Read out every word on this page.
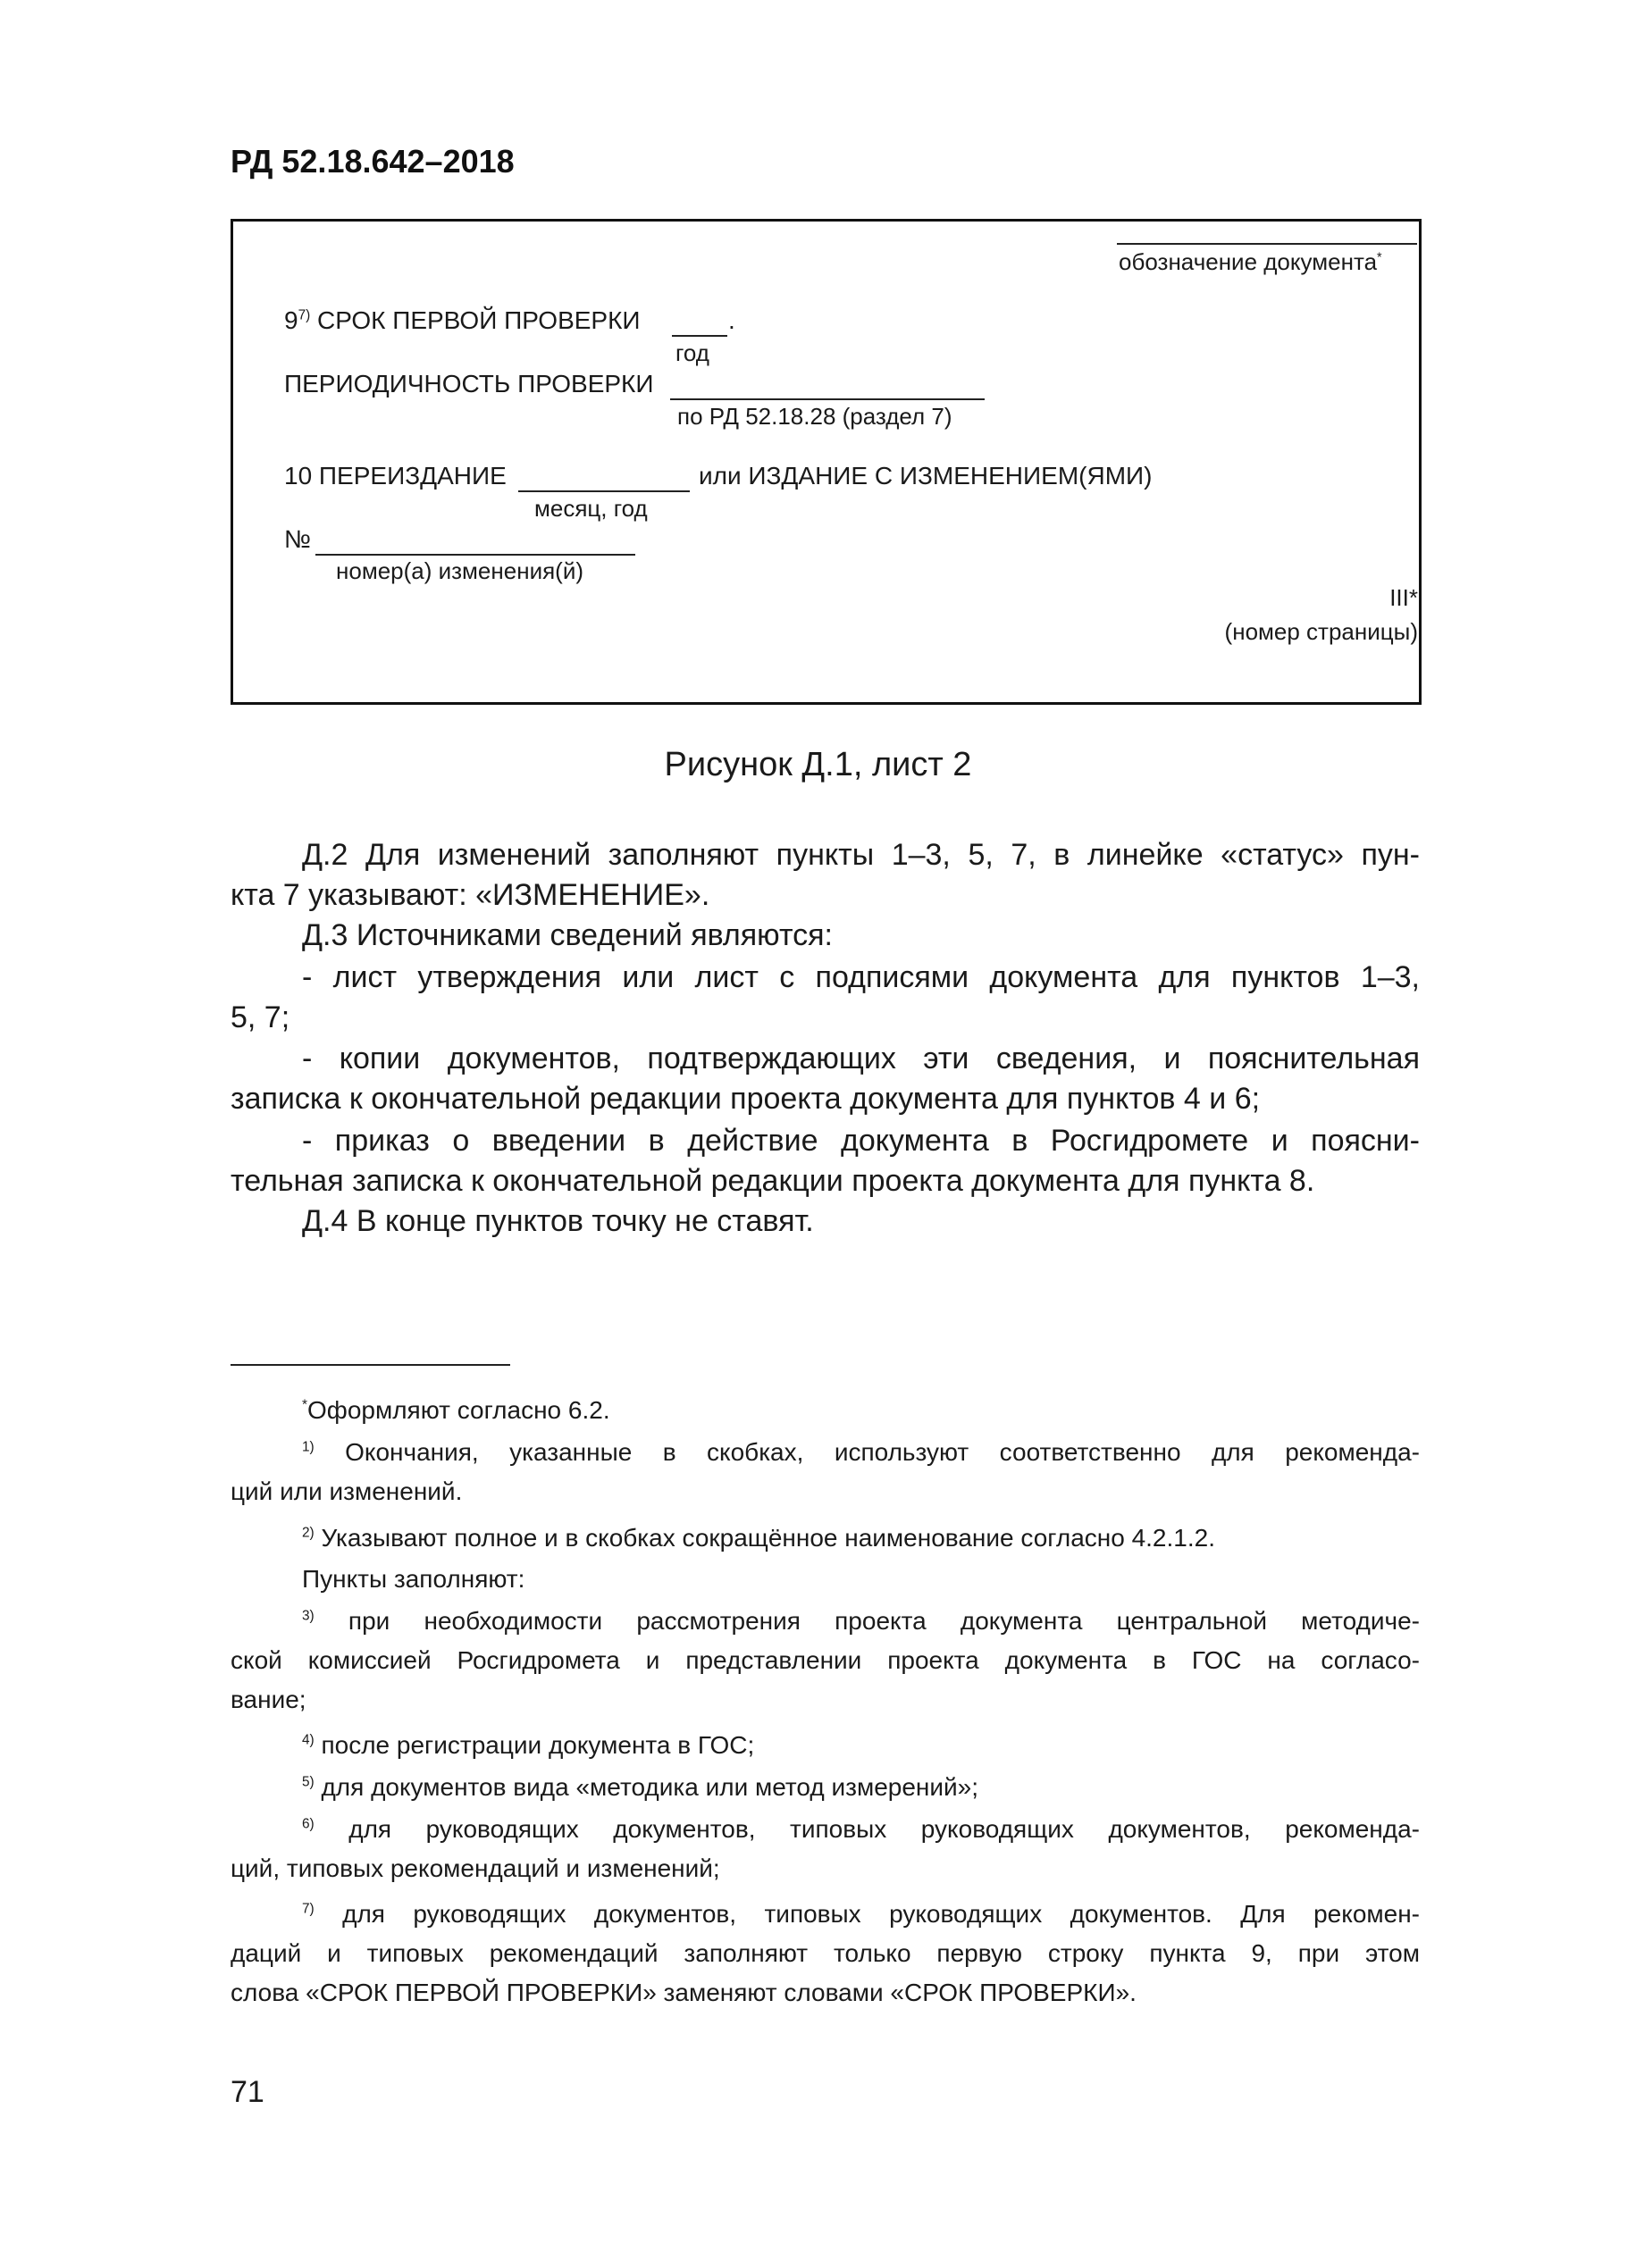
РД 52.18.642–2018
обозначение документа*
9$^{7)}$ СРОК ПЕРВОЙ ПРОВЕРКИ	.
год
ПЕРИОДИЧНОСТЬ ПРОВЕРКИ
по РД 52.18.28 (раздел 7)
10 ПЕРЕИЗДАНИЕ	или ИЗДАНИЕ С ИЗМЕНЕНИЕМ(ЯМИ)
месяц, год
№
номер(а) изменения(й)
III*
(номер страницы)
Рисунок Д.1, лист 2
Д.2 Для изменений заполняют пункты 1–3, 5, 7, в линейке «статус» пун-
кта 7 указывают: «ИЗМЕНЕНИЕ».
Д.3 Источниками сведений являются:
- лист утверждения или лист с подписями документа для пунктов 1–3,
5, 7;
- копии документов, подтверждающих эти сведения, и пояснительная
записка к окончательной редакции проекта документа для пунктов 4 и 6;
- приказ о введении в действие документа в Росгидромете и поясни-
тельная записка к окончательной редакции проекта документа для пункта 8.
Д.4 В конце пунктов точку не ставят.
*Оформляют согласно 6.2.
$^{1)}$ Окончания, указанные в скобках, используют соответственно для рекоменда-
ций или изменений.
$^{2)}$ Указывают полное и в скобках сокращённое наименование согласно 4.2.1.2.
Пункты заполняют:
$^{3)}$ при необходимости рассмотрения проекта документа центральной методиче-
ской комиссией Росгидромета и представлении проекта документа в ГОС на согласо-
вание;
$^{4)}$ после регистрации документа в ГОС;
$^{5)}$ для документов вида «методика или метод измерений»;
$^{6)}$ для руководящих документов, типовых руководящих документов, рекоменда-
ций, типовых рекомендаций и изменений;
$^{7)}$ для руководящих документов, типовых руководящих документов. Для рекомен-
даций и типовых рекомендаций заполняют только первую строку пункта 9, при этом
слова «СРОК ПЕРВОЙ ПРОВЕРКИ» заменяют словами «СРОК ПРОВЕРКИ».
71
